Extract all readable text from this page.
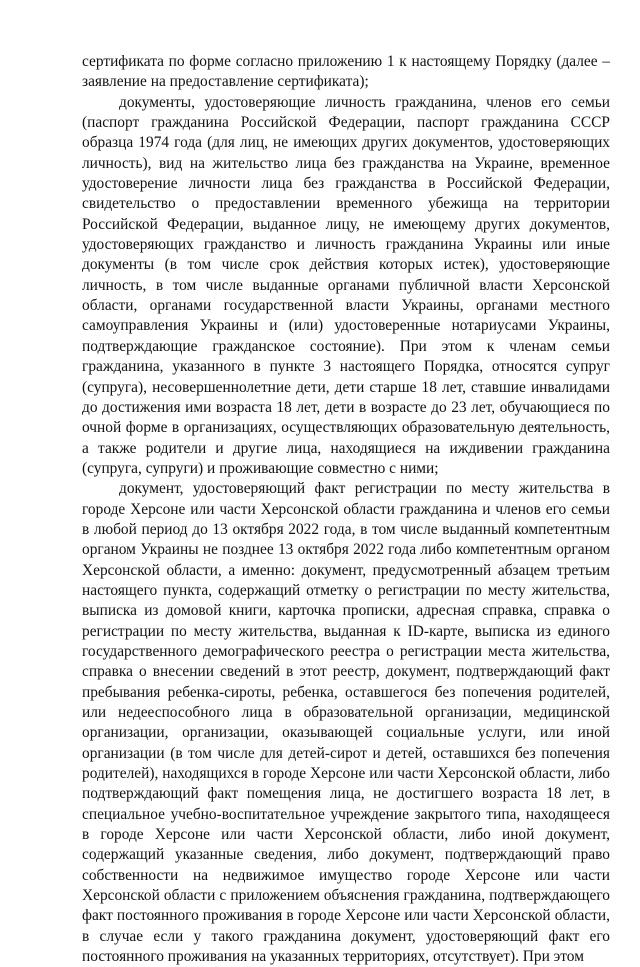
сертификата по форме согласно приложению 1 к настоящему Порядку (далее – заявление на предоставление сертификата);

документы, удостоверяющие личность гражданина, членов его семьи (паспорт гражданина Российской Федерации, паспорт гражданина СССР образца 1974 года (для лиц, не имеющих других документов, удостоверяющих личность), вид на жительство лица без гражданства на Украине, временное удостоверение личности лица без гражданства в Российской Федерации, свидетельство о предоставлении временного убежища на территории Российской Федерации, выданное лицу, не имеющему других документов, удостоверяющих гражданство и личность гражданина Украины или иные документы (в том числе срок действия которых истек), удостоверяющие личность, в том числе выданные органами публичной власти Херсонской области, органами государственной власти Украины, органами местного самоуправления Украины и (или) удостоверенные нотариусами Украины, подтверждающие гражданское состояние). При этом к членам семьи гражданина, указанного в пункте 3 настоящего Порядка, относятся супруг (супруга), несовершеннолетние дети, дети старше 18 лет, ставшие инвалидами до достижения ими возраста 18 лет, дети в возрасте до 23 лет, обучающиеся по очной форме в организациях, осуществляющих образовательную деятельность, а также родители и другие лица, находящиеся на иждивении гражданина (супруга, супруги) и проживающие совместно с ними;

документ, удостоверяющий факт регистрации по месту жительства в городе Херсоне или части Херсонской области гражданина и членов его семьи в любой период до 13 октября 2022 года, в том числе выданный компетентным органом Украины не позднее 13 октября 2022 года либо компетентным органом Херсонской области, а именно: документ, предусмотренный абзацем третьим настоящего пункта, содержащий отметку о регистрации по месту жительства, выписка из домовой книги, карточка прописки, адресная справка, справка о регистрации по месту жительства, выданная к ID-карте, выписка из единого государственного демографического реестра о регистрации места жительства, справка о внесении сведений в этот реестр, документ, подтверждающий факт пребывания ребенка-сироты, ребенка, оставшегося без попечения родителей, или недееспособного лица в образовательной организации, медицинской организации, организации, оказывающей социальные услуги, или иной организации (в том числе для детей-сирот и детей, оставшихся без попечения родителей), находящихся в городе Херсоне или части Херсонской области, либо подтверждающий факт помещения лица, не достигшего возраста 18 лет, в специальное учебно-воспитательное учреждение закрытого типа, находящееся в городе Херсоне или части Херсонской области, либо иной документ, содержащий указанные сведения, либо документ, подтверждающий право собственности на недвижимое имущество городе Херсоне или части Херсонской области с приложением объяснения гражданина, подтверждающего факт постоянного проживания в городе Херсоне или части Херсонской области, в случае если у такого гражданина документ, удостоверяющий факт его постоянного проживания на указанных территориях, отсутствует). При этом
